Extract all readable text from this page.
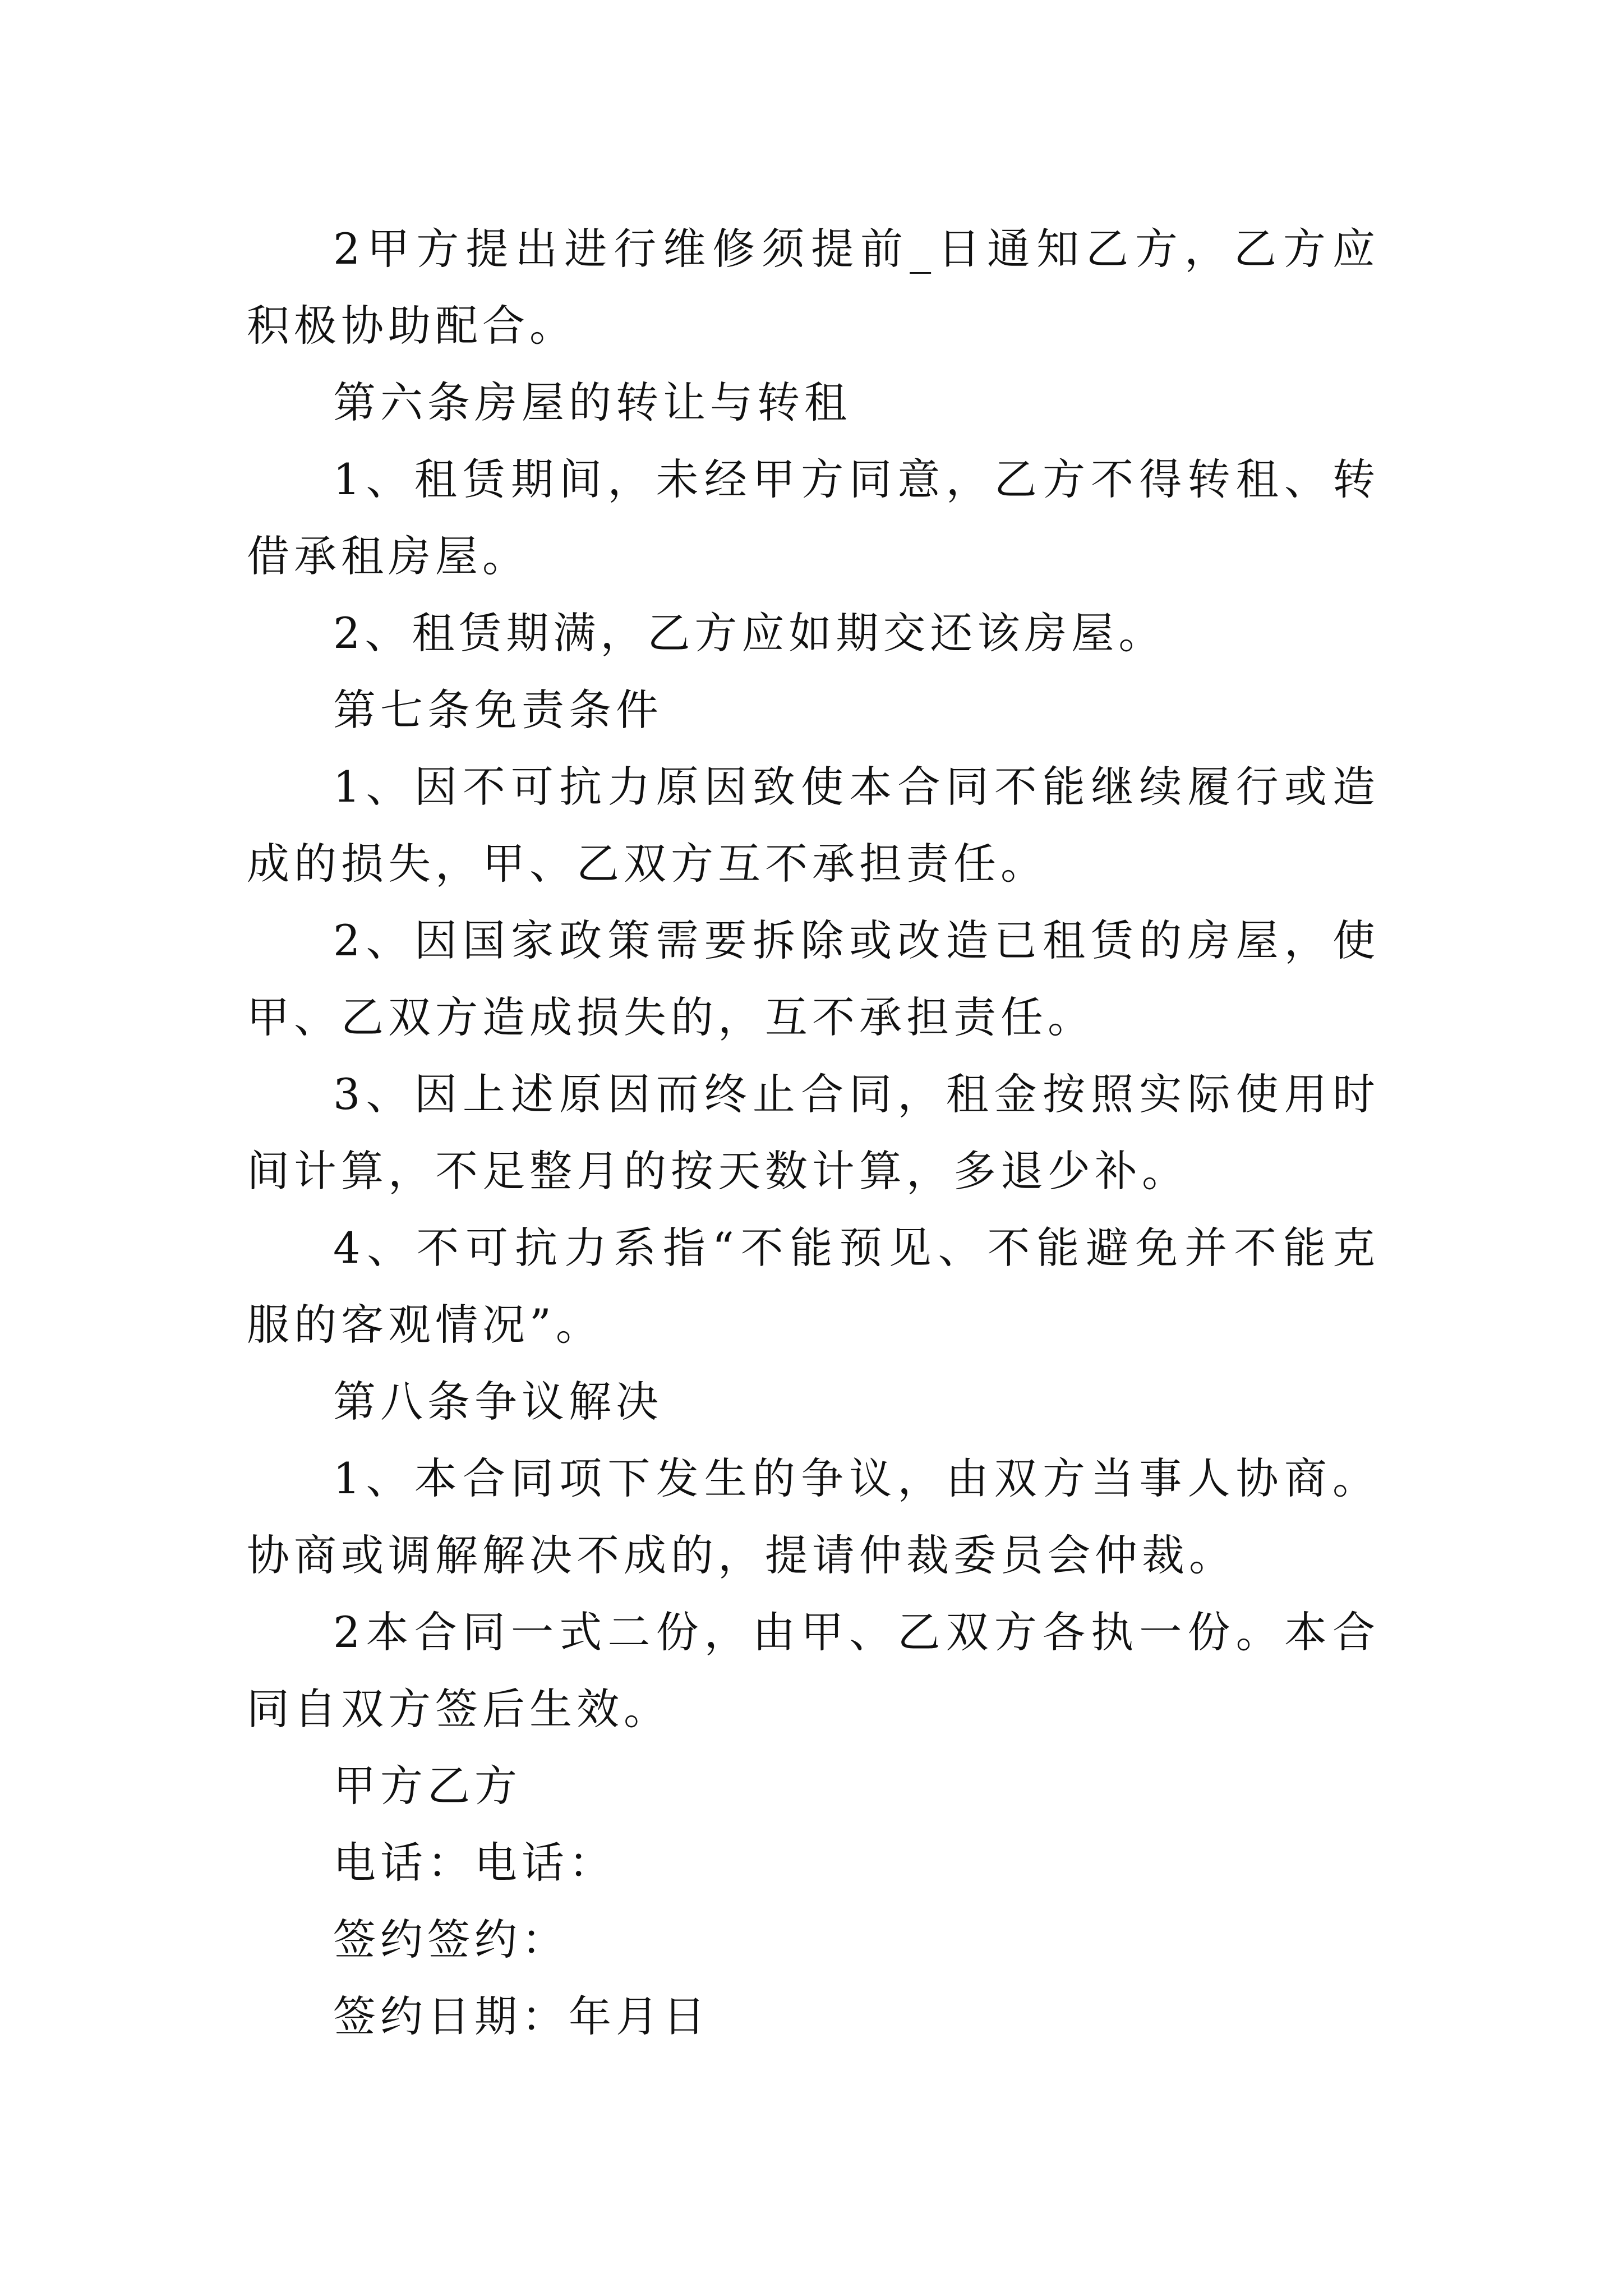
2甲方提出进行维修须提前_日通知乙方，乙方应积极协助配合。

第六条房屋的转让与转租

1、租赁期间，未经甲方同意，乙方不得转租、转借承租房屋。

2、租赁期满，乙方应如期交还该房屋。

第七条免责条件

1、因不可抗力原因致使本合同不能继续履行或造成的损失，甲、乙双方互不承担责任。

2、因国家政策需要拆除或改造已租赁的房屋，使甲、乙双方造成损失的，互不承担责任。

3、因上述原因而终止合同，租金按照实际使用时间计算，不足整月的按天数计算，多退少补。

4、不可抗力系指“不能预见、不能避免并不能克服的客观情况”。

第八条争议解决

1、本合同项下发生的争议，由双方当事人协商。协商或调解解决不成的，提请仲裁委员会仲裁。

2本合同一式二份，由甲、乙双方各执一份。本合同自双方签后生效。

甲方乙方

电话：电话：

签约签约：

签约日期：年月日
